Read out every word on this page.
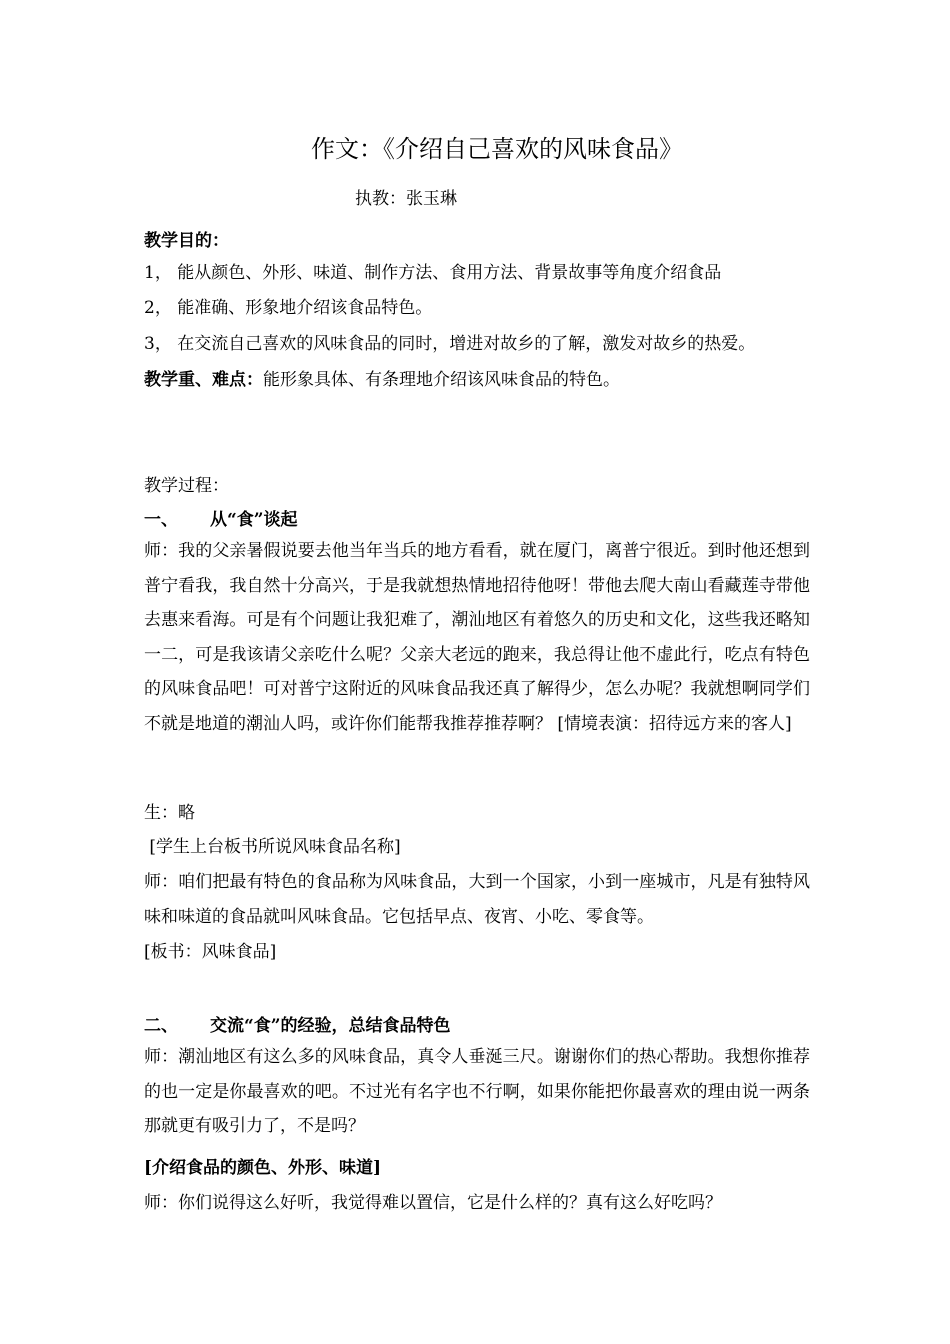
作文：《介绍自己喜欢的风味食品》
执教：张玉琳
教学目的：
1， 能从颜色、外形、味道、制作方法、食用方法、背景故事等角度介绍食品
2， 能准确、形象地介绍该食品特色。
3， 在交流自己喜欢的风味食品的同时，增进对故乡的了解，激发对故乡的热爱。
教学重、难点：能形象具体、有条理地介绍该风味食品的特色。
教学过程：
一、 从“食”谈起
师：我的父亲暑假说要去他当年当兵的地方看看，就在厦门，离普宁很近。到时他还想到普宁看我，我自然十分高兴，于是我就想热情地招待他呀！带他去爬大南山看藏莲寺带他去惠来看海。可是有个问题让我犯难了，潮汕地区有着悠久的历史和文化，这些我还略知一二，可是我该请父亲吃什么呢？父亲大老远的跑来，我总得让他不虚此行，吃点有特色的风味食品吧！可对普宁这附近的风味食品我还真了解得少，怎么办呢？我就想啊同学们不就是地道的潮汕人吗，或许你们能帮我推荐推荐啊？ [情境表演：招待远方来的客人]
生：略
[学生上台板书所说风味食品名称]
师：咱们把最有特色的食品称为风味食品，大到一个国家，小到一座城市，凡是有独特风味和味道的食品就叫风味食品。它包括早点、夜宵、小吃、零食等。
[板书：风味食品]
二、 交流“食”的经验，总结食品特色
师：潮汕地区有这么多的风味食品，真令人垂涎三尺。谢谢你们的热心帮助。我想你推荐的也一定是你最喜欢的吧。不过光有名字也不行啊，如果你能把你最喜欢的理由说一两条那就更有吸引力了，不是吗？
[介绍食品的颜色、外形、味道]
师：你们说得这么好听，我觉得难以置信，它是什么样的？真有这么好吃吗？
